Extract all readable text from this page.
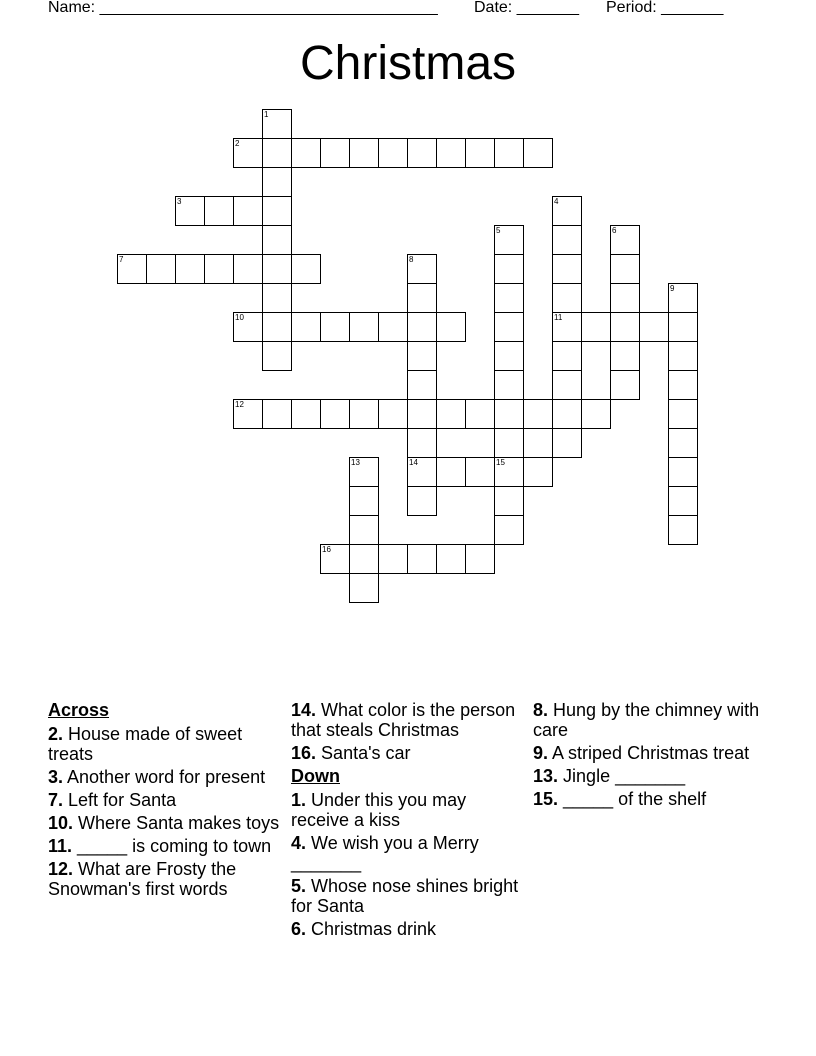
Name: ______________________________________ Date: _______ Period: _______
Christmas
1
2
3	4
5	6
7	8
9
10	11
12
13	14	15
16
Across
2. House made of sweet treats
3. Another word for present
7. Left for Santa
10. Where Santa makes toys
11. _____ is coming to town
12. What are Frosty the Snowman's first words
14. What color is the person that steals Christmas
16. Santa's car
Down
1. Under this you may receive a kiss
4. We wish you a Merry _______
5. Whose nose shines bright for Santa
6. Christmas drink
8. Hung by the chimney with care
9. A striped Christmas treat
13. Jingle _______
15. _____ of the shelf
